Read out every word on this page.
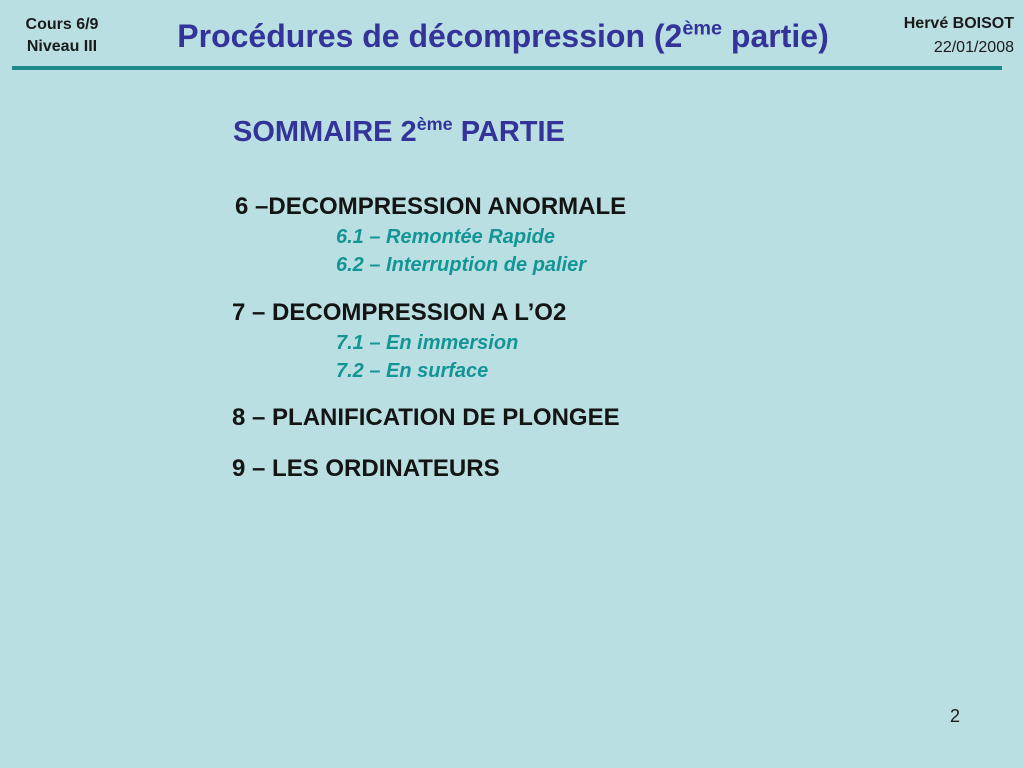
Cours 6/9
Niveau III	Procédures de décompression (2ème partie)	Hervé BOISOT
22/01/2008
SOMMAIRE 2ème PARTIE
6 –DECOMPRESSION ANORMALE
6.1 – Remontée Rapide
6.2 – Interruption de palier
7 – DECOMPRESSION A L’O2
7.1 – En immersion
7.2 – En surface
8 – PLANIFICATION DE PLONGEE
9 – LES ORDINATEURS
2
